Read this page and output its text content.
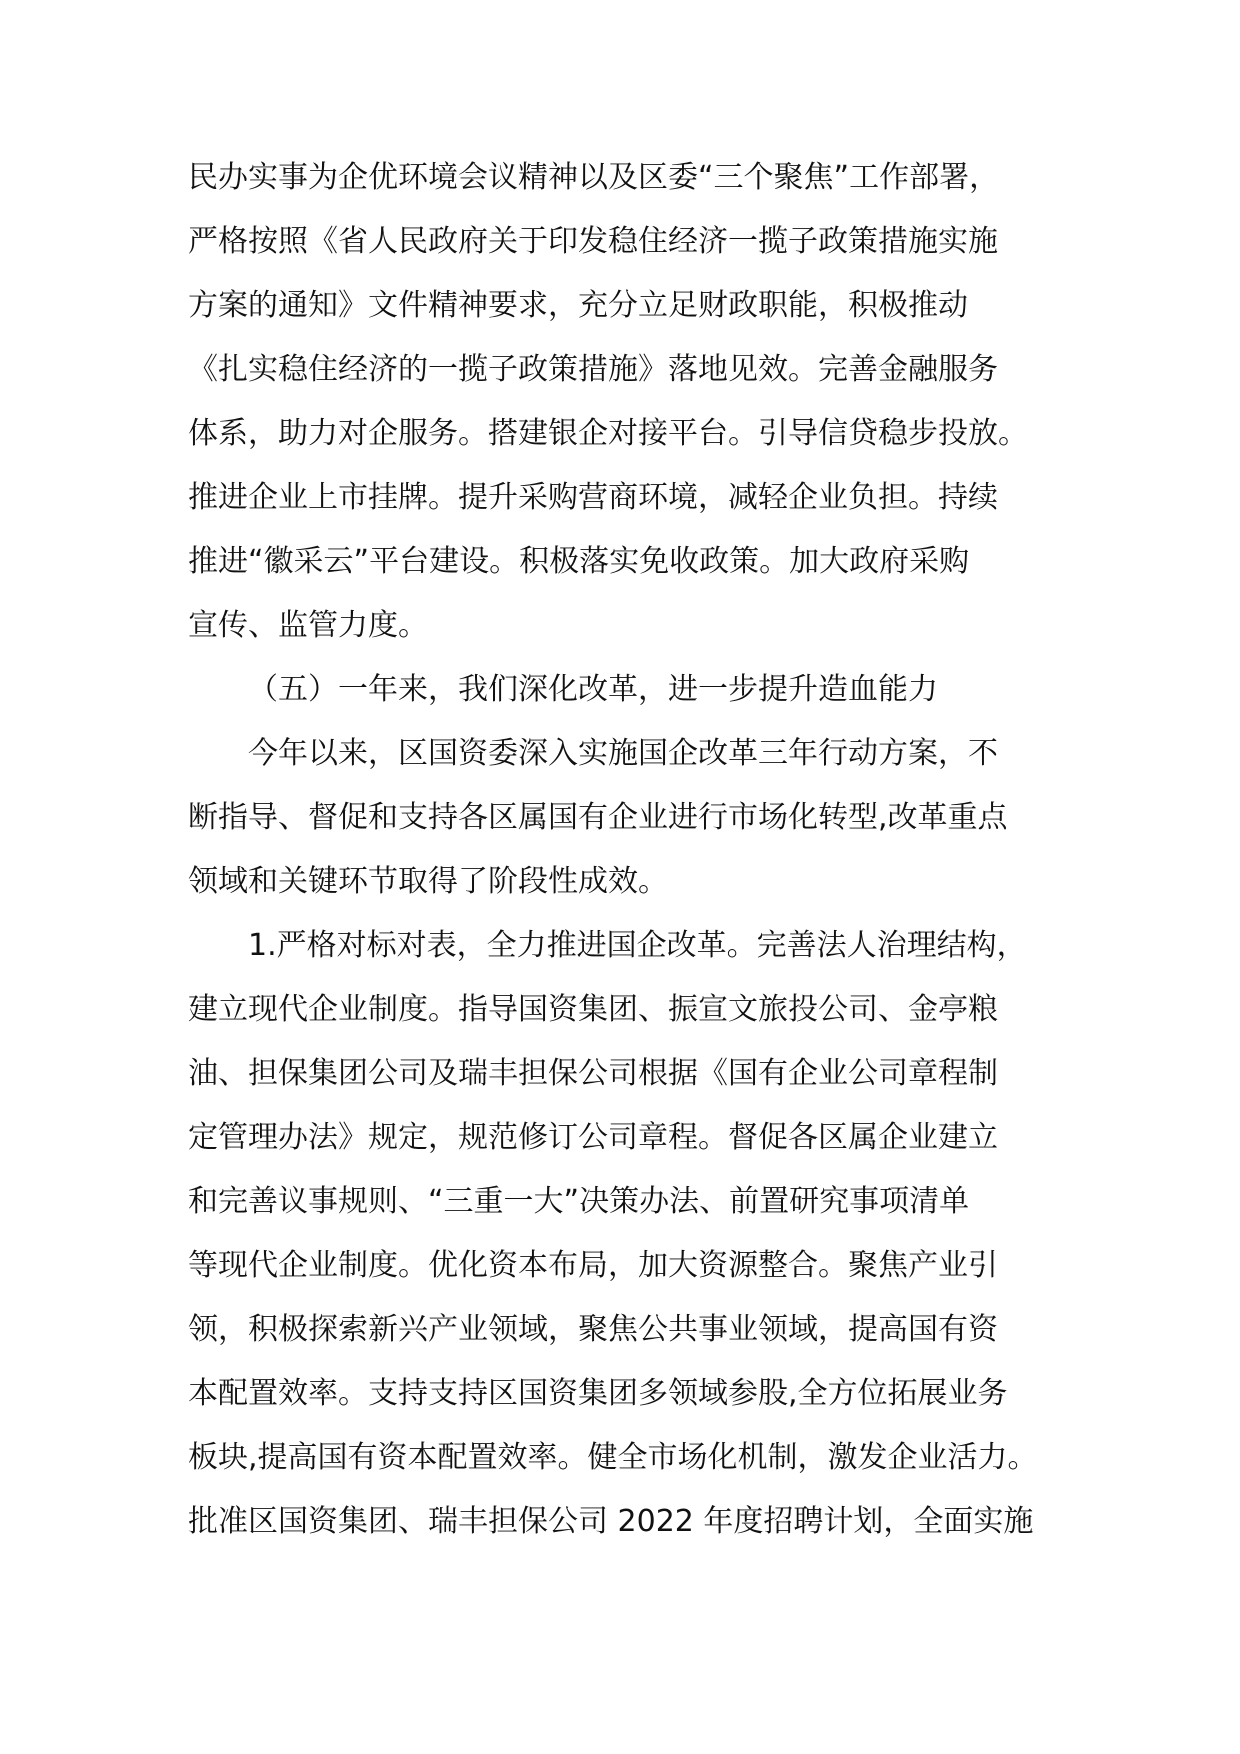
民办实事为企优环境会议精神以及区委“三个聚焦”工作部署，

严格按照《省人民政府关于印发稳住经济一揽子政策措施实施

方案的通知》文件精神要求，充分立足财政职能，积极推动

《扎实稳住经济的一揽子政策措施》落地见效。完善金融服务

体系，助力对企服务。搭建银企对接平台。引导信贷稳步投放。

推进企业上市挂牌。提升采购营商环境，减轻企业负担。持续

推进“徽采云”平台建设。积极落实免收政策。加大政府采购

宣传、监管力度。

（五）一年来，我们深化改革，进一步提升造血能力

今年以来，区国资委深入实施国企改革三年行动方案，不

断指导、督促和支持各区属国有企业进行市场化转型,改革重点

领域和关键环节取得了阶段性成效。

1.严格对标对表，全力推进国企改革。完善法人治理结构，

建立现代企业制度。指导国资集团、振宣文旅投公司、金亭粮

油、担保集团公司及瑞丰担保公司根据《国有企业公司章程制

定管理办法》规定，规范修订公司章程。督促各区属企业建立

和完善议事规则、“三重一大”决策办法、前置研究事项清单

等现代企业制度。优化资本布局，加大资源整合。聚焦产业引

领，积极探索新兴产业领域，聚焦公共事业领域，提高国有资

本配置效率。支持支持区国资集团多领域参股,全方位拓展业务

板块,提高国有资本配置效率。健全市场化机制，激发企业活力。

批准区国资集团、瑞丰担保公司 2022 年度招聘计划，全面实施
